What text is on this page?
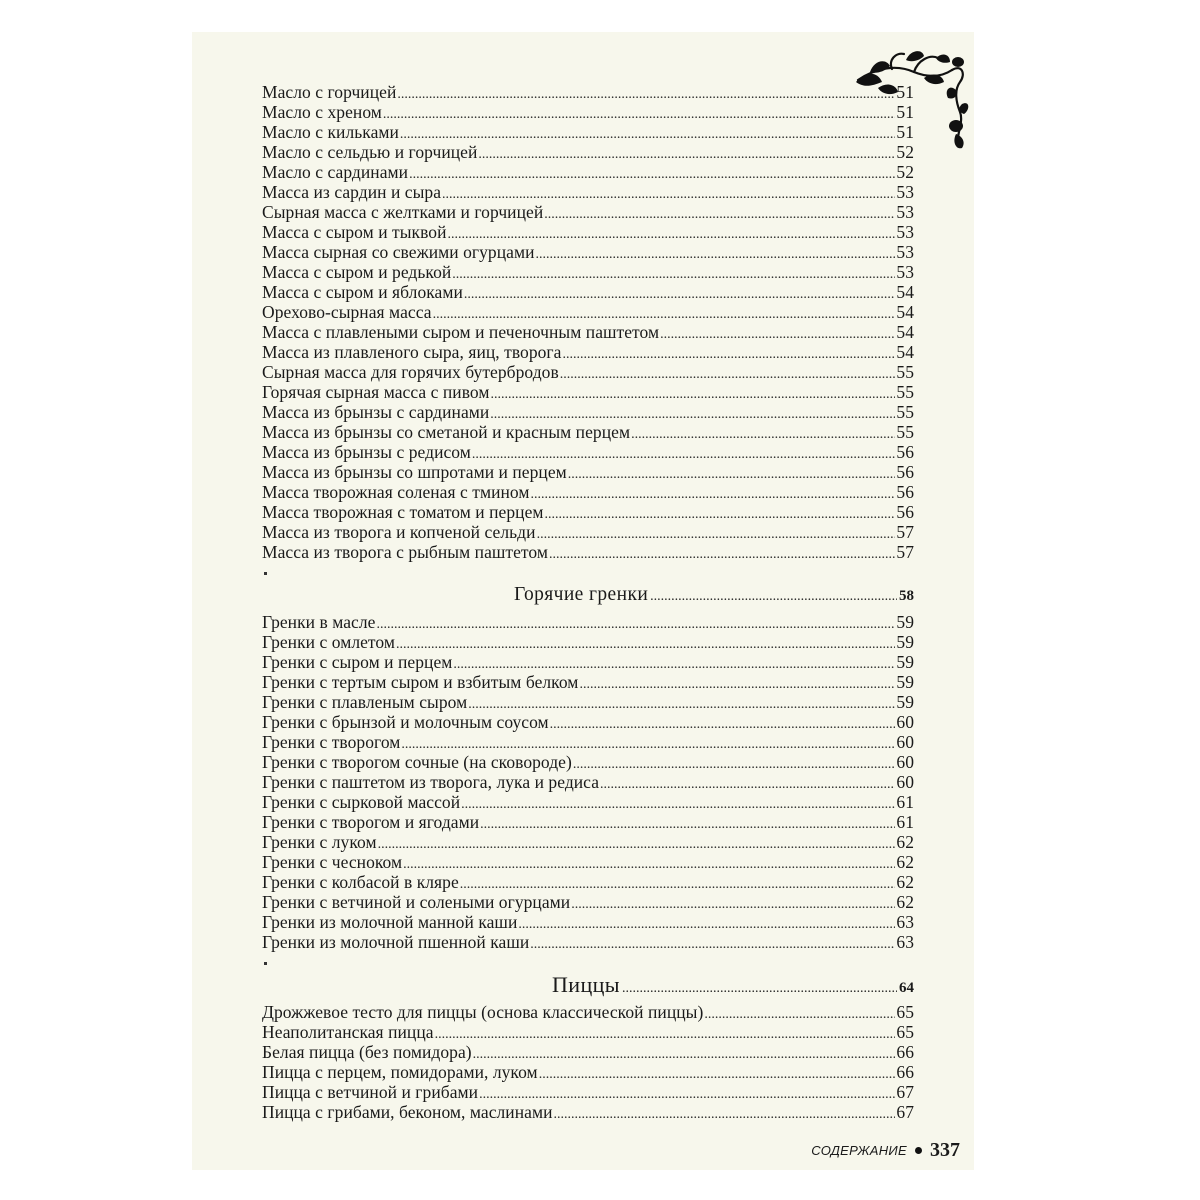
Масло с горчицей .....	51
Масло с хреном .....	51
Масло с кильками .....	51
Масло с сельдью и горчицей .....	52
Масло с сардинами .....	52
Масса из сардин и сыра .....	53
Сырная масса с желтками и горчицей .....	53
Масса с сыром и тыквой .....	53
Масса сырная со свежими огурцами .....	53
Масса с сыром и редькой .....	53
Масса с сыром и яблоками .....	54
Орехово-сырная масса .....	54
Масса с плавлеными сыром и печеночным паштетом .....	54
Масса из плавленого сыра, яиц, творога .....	54
Сырная масса для горячих бутербродов .....	55
Горячая сырная масса с пивом .....	55
Масса из брынзы с сардинами .....	55
Масса из брынзы со сметаной и красным перцем .....	55
Масса из брынзы с редисом .....	56
Масса из брынзы со шпротами и перцем .....	56
Масса творожная соленая с тмином .....	56
Масса творожная с томатом и перцем .....	56
Масса из творога и копченой сельди .....	57
Масса из творога с рыбным паштетом .....	57
Горячие гренки .....	58
Гренки в масле .....	59
Гренки с омлетом .....	59
Гренки с сыром и перцем .....	59
Гренки с тертым сыром и взбитым белком .....	59
Гренки с плавленым сыром .....	59
Гренки с брынзой и молочным соусом .....	60
Гренки с творогом .....	60
Гренки с творогом сочные (на сковороде) .....	60
Гренки с паштетом из творога, лука и редиса .....	60
Гренки с сырковой массой .....	61
Гренки с творогом и ягодами .....	61
Гренки с луком .....	62
Гренки с чесноком .....	62
Гренки с колбасой в кляре .....	62
Гренки с ветчиной и солеными огурцами .....	62
Гренки из молочной манной каши .....	63
Гренки из молочной пшенной каши .....	63
Пиццы .....	64
Дрожжевое тесто для пиццы (основа классической пиццы) .....	65
Неаполитанская пицца .....	65
Белая пицца (без помидора) .....	66
Пицца с перцем, помидорами, луком .....	66
Пицца с ветчиной и грибами .....	67
Пицца с грибами, беконом, маслинами .....	67
СОДЕРЖАНИЕ 337
